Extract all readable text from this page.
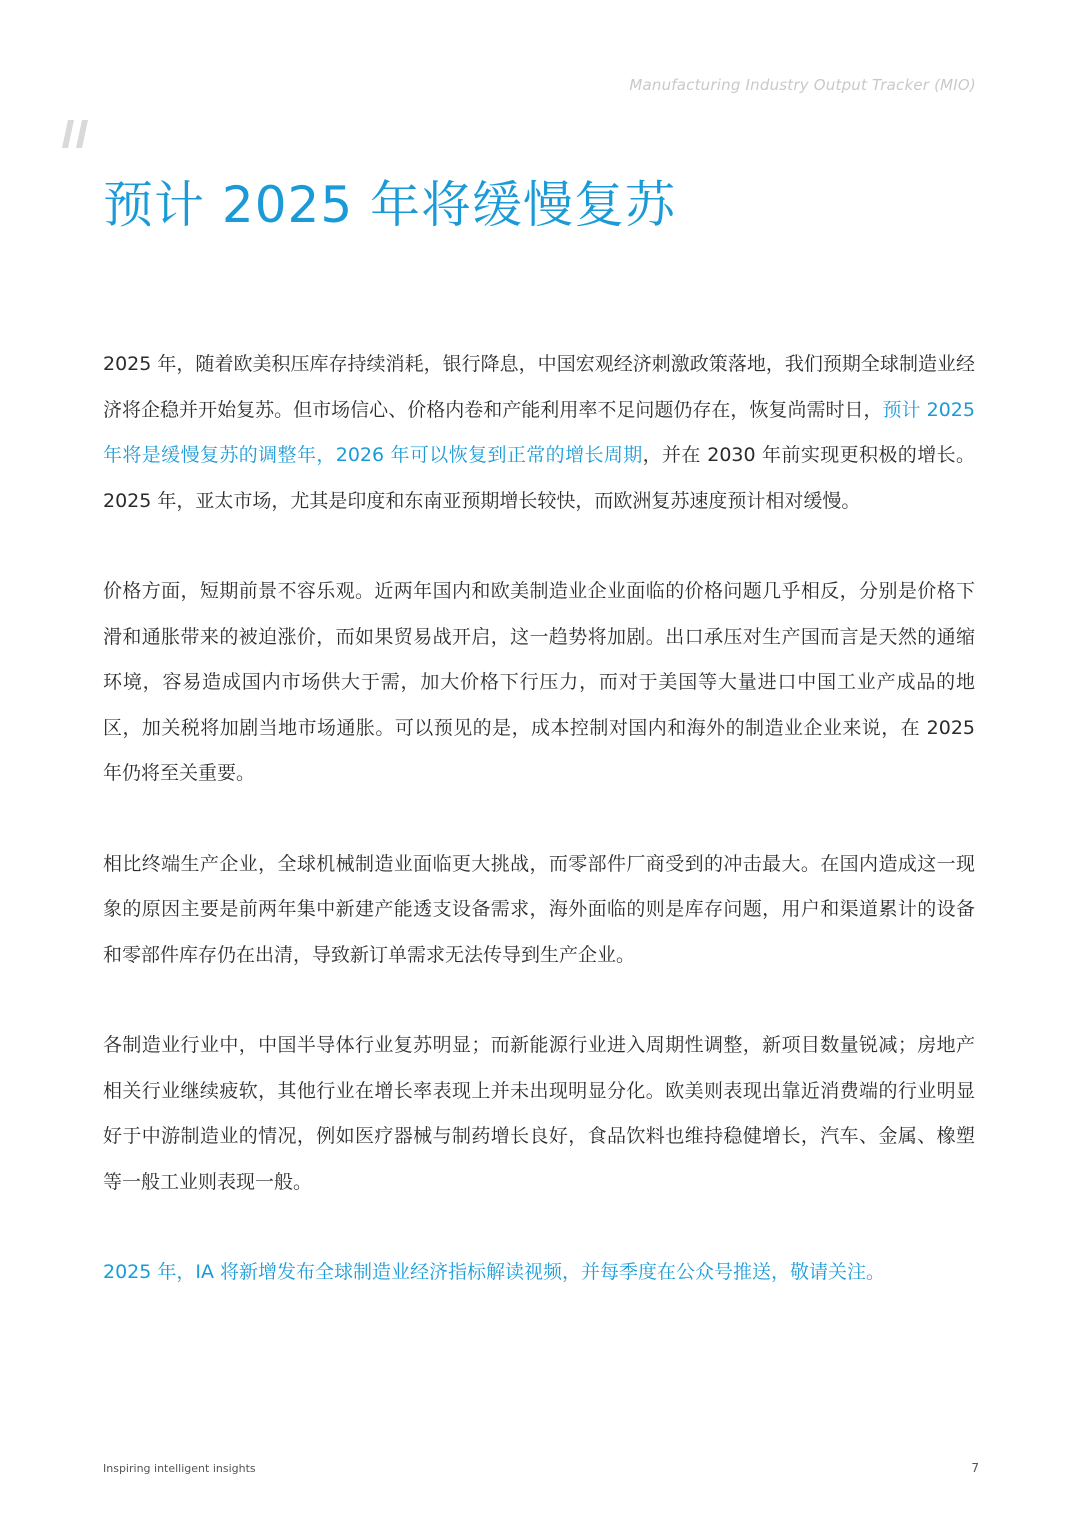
Manufacturing Industry Output Tracker (MIO)
预计 2025 年将缓慢复苏

2025 年，随着欧美积压库存持续消耗，银行降息，中国宏观经济刺激政策落地，我们预期全球制造业经济将企稳并开始复苏。但市场信心、价格内卷和产能利用率不足问题仍存在，恢复尚需时日，预计 2025 年将是缓慢复苏的调整年，2026 年可以恢复到正常的增长周期，并在 2030 年前实现更积极的增长。2025 年，亚太市场，尤其是印度和东南亚预期增长较快，而欧洲复苏速度预计相对缓慢。

价格方面，短期前景不容乐观。近两年国内和欧美制造业企业面临的价格问题几乎相反，分别是价格下滑和通胀带来的被迫涨价，而如果贸易战开启，这一趋势将加剧。出口承压对生产国而言是天然的通缩环境，容易造成国内市场供大于需，加大价格下行压力，而对于美国等大量进口中国工业产成品的地区，加关税将加剧当地市场通胀。可以预见的是，成本控制对国内和海外的制造业企业来说，在 2025 年仍将至关重要。

相比终端生产企业，全球机械制造业面临更大挑战，而零部件厂商受到的冲击最大。在国内造成这一现象的原因主要是前两年集中新建产能透支设备需求，海外面临的则是库存问题，用户和渠道累计的设备和零部件库存仍在出清，导致新订单需求无法传导到生产企业。

各制造业行业中，中国半导体行业复苏明显；而新能源行业进入周期性调整，新项目数量锐减；房地产相关行业继续疲软，其他行业在增长率表现上并未出现明显分化。欧美则表现出靠近消费端的行业明显好于中游制造业的情况，例如医疗器械与制药增长良好，食品饮料也维持稳健增长，汽车、金属、橡塑等一般工业则表现一般。

2025 年，IA 将新增发布全球制造业经济指标解读视频，并每季度在公众号推送，敬请关注。

Inspiring intelligent insights	7
